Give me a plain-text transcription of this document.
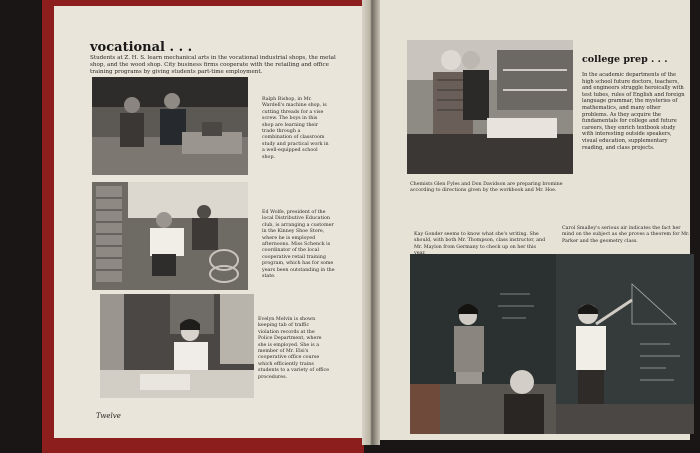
vocational . . .
Students at Z. H. S. learn mechanical arts in the vocational industrial shops, the metal shop, and the wood shop. City business firms cooperate with the retailing and office training programs by giving students part-time employment.
Ralph Bishop, in Mr. Wardell's machine shop, is cutting threads for a vise screw. The boys in this shop are learning their trade through a combination of classroom study and practical work in a well-equipped school shop.
Ed Wolfe, president of the local Distributive Education club, is arranging a customer in the Kinney Shoe Store, where he is employed afternoons. Miss Schenck is coordinator of the local cooperative retail training program, which has for some years been outstanding in the state.
Evelyn Melvin is shown keeping tab of traffic violation records at the Police Department, where she is employed. She is a member of Mr. Elsi's cooperative office course which efficiently trains students to a variety of office procedures.
Twelve
college prep . . .
In the academic departments of the high school future doctors, teachers, and engineers struggle heroically with test tubes, rules of English and foreign language grammar, the mysteries of mathematics, and many other problems. As they acquire the fundamentals for college and future careers, they enrich textbook study with interesting outside speakers, visual education, supplementary reading, and class projects.
Chemists Glen Fyles and Don Davidson are preparing bromine according to directions given by the workbook and Mr. Hoe.
Kay Gonder seems to know what she's writing. She should, with both Mr. Thompson, class instructor, and Mr. Maylon from Germany to check up on her this
Carol Smalley's serious air indicates the fact her mind on the subject as she proves a theorem for Mr. Parker and the geometry class.
